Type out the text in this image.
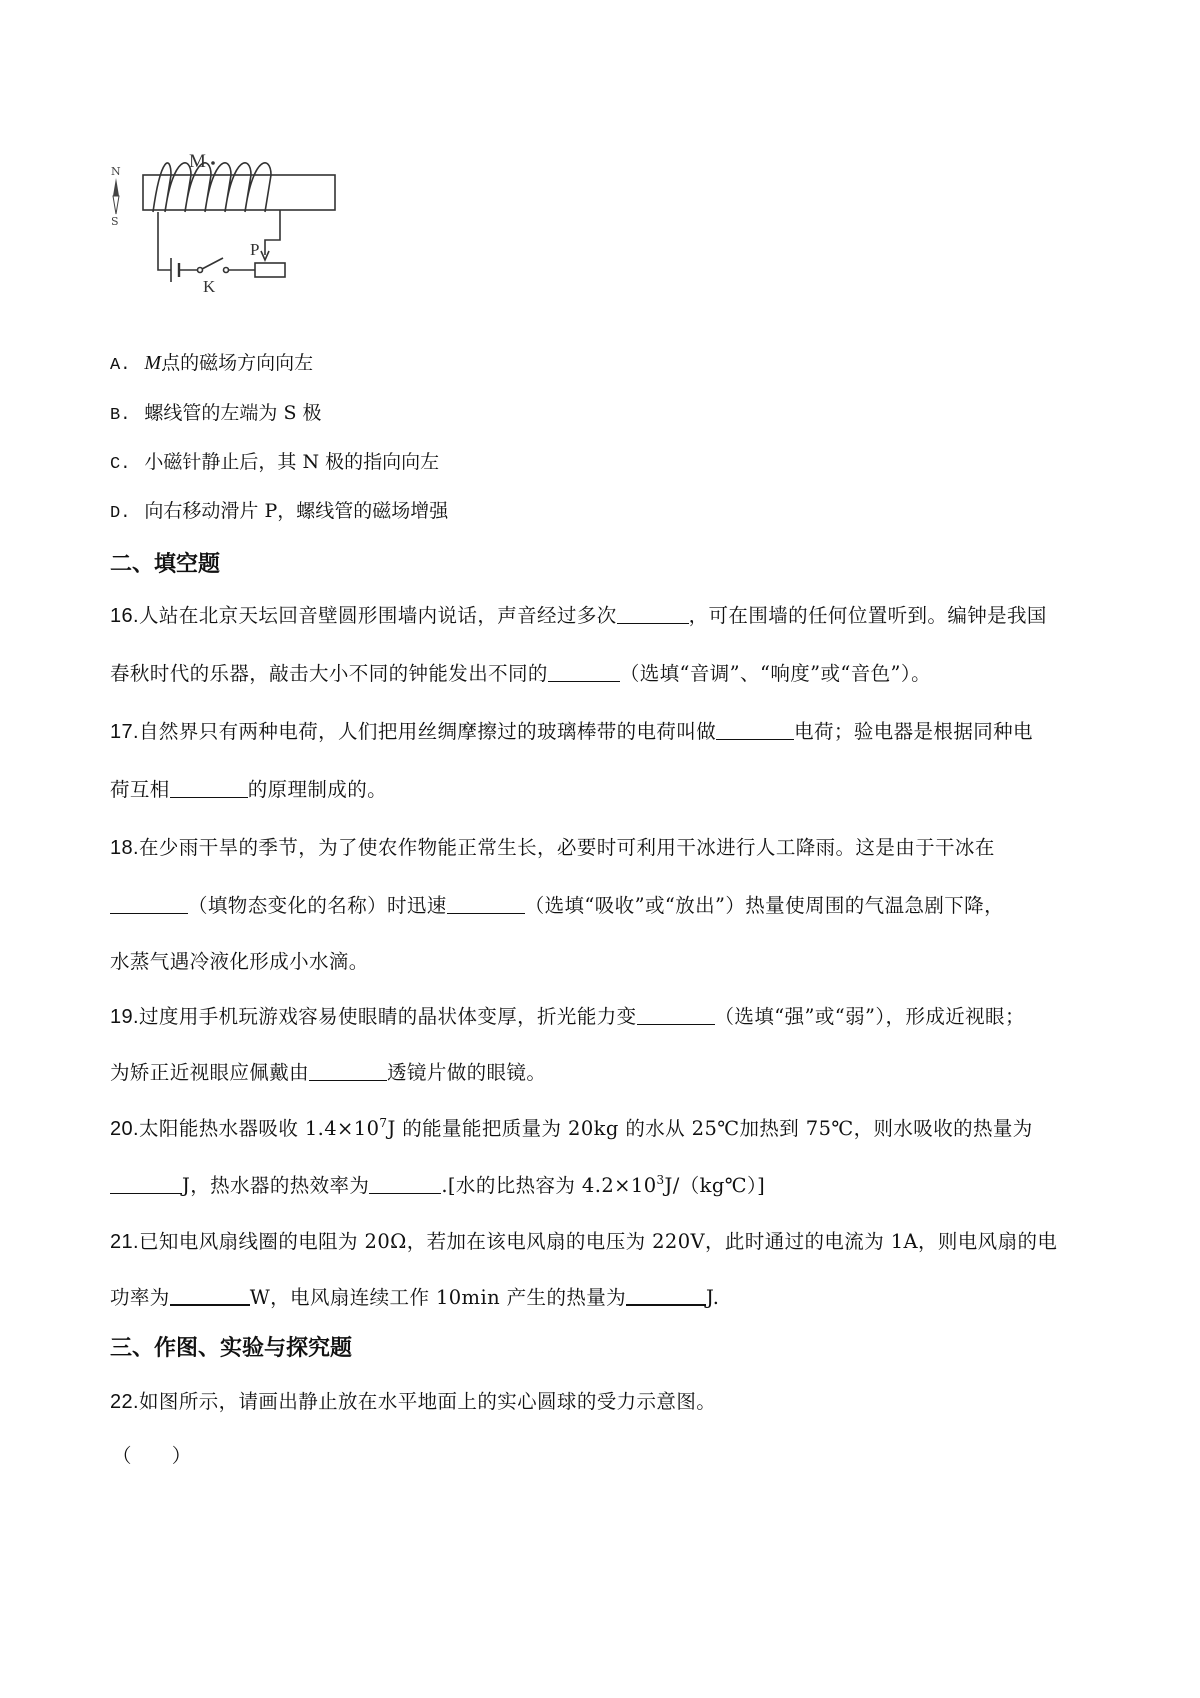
N
S
M
P
K
A. M点的磁场方向向左
B. 螺线管的左端为 S 极
C. 小磁针静止后，其 N 极的指向向左
D. 向右移动滑片 P，螺线管的磁场增强
二、填空题
16.人站在北京天坛回音壁圆形围墙内说话，声音经过多次	，可在围墙的任何位置听到。编钟是我国
春秋时代的乐器，敲击大小不同的钟能发出不同的	（选填“音调”、“响度”或“音色”）。
17.自然界只有两种电荷，人们把用丝绸摩擦过的玻璃棒带的电荷叫做	电荷；验电器是根据同种电
荷互相	的原理制成的。
18.在少雨干旱的季节，为了使农作物能正常生长，必要时可利用干冰进行人工降雨。这是由于干冰在
（填物态变化的名称）时迅速	（选填“吸收”或“放出”）热量使周围的气温急剧下降，
水蒸气遇冷液化形成小水滴。
19.过度用手机玩游戏容易使眼睛的晶状体变厚，折光能力变	（选填“强”或“弱”），形成近视眼；
为矫正近视眼应佩戴由	透镜片做的眼镜。
20.太阳能热水器吸收 $1.4\times 10^7J$ 的能量能把质量为 20kg 的水从 25℃加热到 75℃，则水吸收的热量为
J，热水器的热效率为	.[水的比热容为 $4.2\times 10^3J/(kg℃)$]
21.已知电风扇线圈的电阻为 20Ω，若加在该电风扇的电压为 220V，此时通过的电流为 1A，则电风扇的电
功率为	W，电风扇连续工作 10min 产生的热量为	J.
三、作图、实验与探究题
22.如图所示，请画出静止放在水平地面上的实心圆球的受力示意图。
（　　）
